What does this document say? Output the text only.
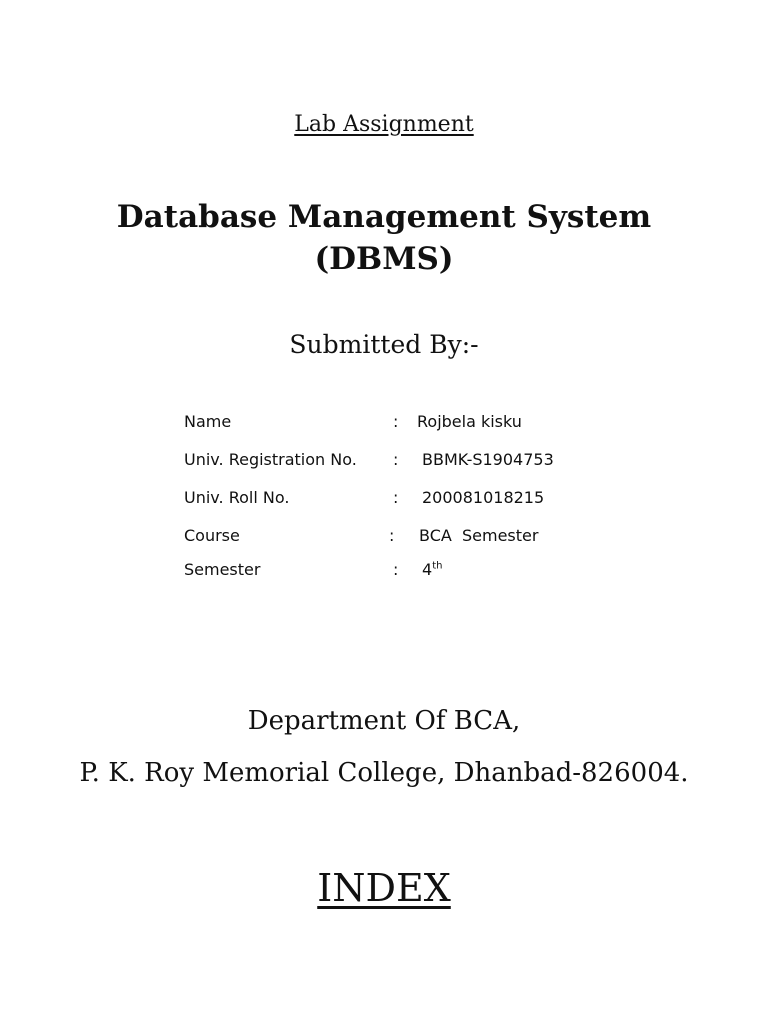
Lab Assignment
Database Management System
(DBMS)
Submitted By:-
Name	: Rojbela kisku
Univ. Registration No. : BBMK-S1904753
Univ. Roll No.	: 200081018215
Course	: BCA  Semester
Semester	: 4th
Department Of BCA,
P. K. Roy Memorial College, Dhanbad-826004.
INDEX
